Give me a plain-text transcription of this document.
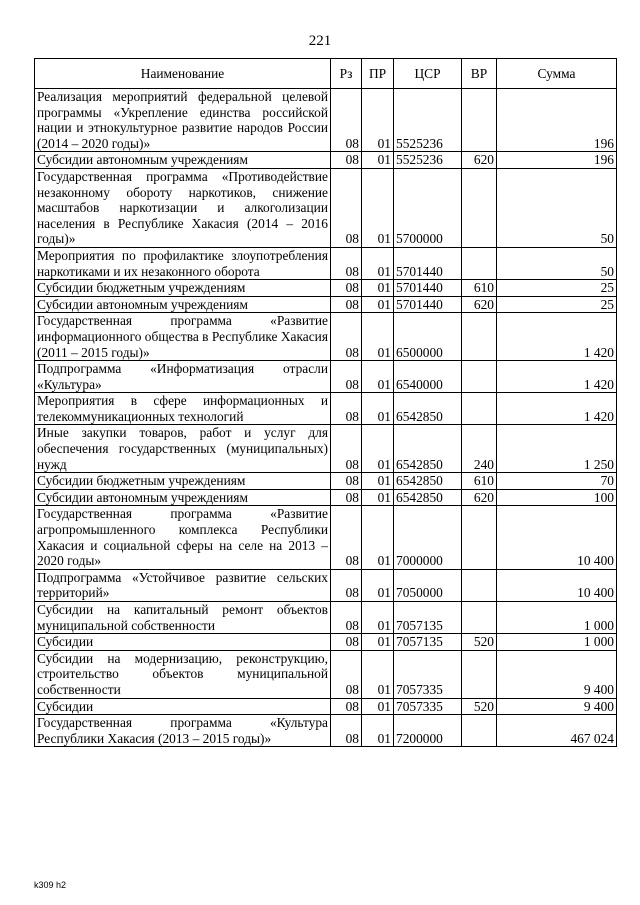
221
Наименование	Рз	ПР	ЦСР	ВР	Сумма
Реализация мероприятий федеральной целевой программы «Укрепление единства российской нации и этнокультурное развитие народов России (2014 – 2020 годы)»	08	01	5525236		196
Субсидии автономным учреждениям	08	01	5525236	620	196
Государственная программа «Противодействие незаконному обороту наркотиков, снижение масштабов наркотизации и алкоголизации населения в Республике Хакасия (2014 – 2016 годы)»	08	01	5700000		50
Мероприятия по профилактике злоупотребления наркотиками и их незаконного оборота	08	01	5701440		50
Субсидии бюджетным учреждениям	08	01	5701440	610	25
Субсидии автономным учреждениям	08	01	5701440	620	25
Государственная программа «Развитие информационного общества в Республике Хакасия (2011 – 2015 годы)»	08	01	6500000		1 420
Подпрограмма «Информатизация отрасли «Культура»	08	01	6540000		1 420
Мероприятия в сфере информационных и телекоммуникационных технологий	08	01	6542850		1 420
Иные закупки товаров, работ и услуг для обеспечения государственных (муниципальных) нужд	08	01	6542850	240	1 250
Субсидии бюджетным учреждениям	08	01	6542850	610	70
Субсидии автономным учреждениям	08	01	6542850	620	100
Государственная программа «Развитие агропромышленного комплекса Республики Хакасия и социальной сферы на селе на 2013 – 2020 годы»	08	01	7000000		10 400
Подпрограмма «Устойчивое развитие сельских территорий»	08	01	7050000		10 400
Субсидии на капитальный ремонт объектов муниципальной собственности	08	01	7057135		1 000
Субсидии	08	01	7057135	520	1 000
Субсидии на модернизацию, реконструкцию, строительство объектов муниципальной собственности	08	01	7057335		9 400
Субсидии	08	01	7057335	520	9 400
Государственная программа «Культура Республики Хакасия (2013 – 2015 годы)»	08	01	7200000		467 024
k309 h2
